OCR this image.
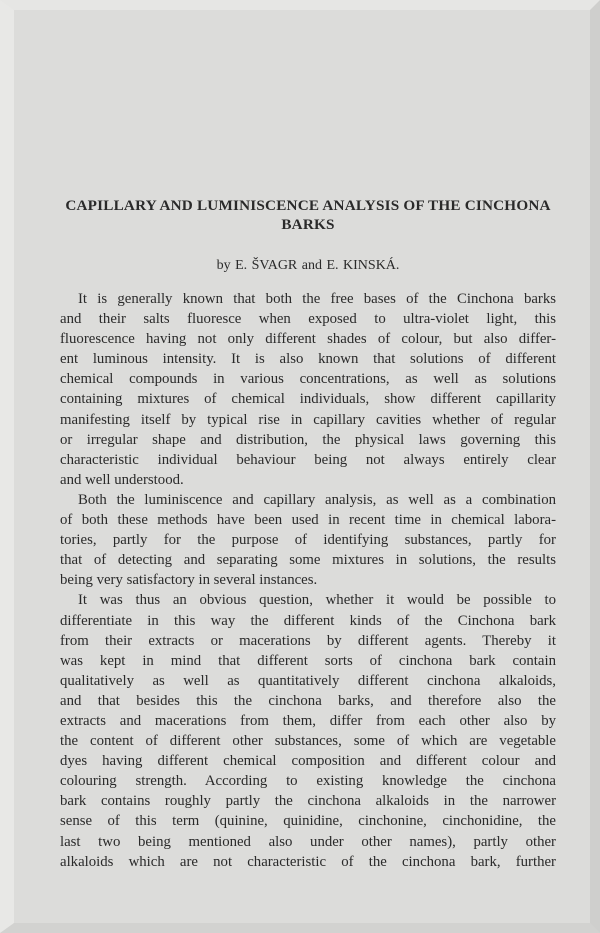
CAPILLARY AND LUMINISCENCE ANALYSIS OF THE CINCHONA BARKS

by E. ŠVAGR and E. KINSKÁ.

It is generally known that both the free bases of the Cinchona barks
and their salts fluoresce when exposed to ultra-violet light, this
fluorescence having not only different shades of colour, but also differ-
ent luminous intensity. It is also known that solutions of different
chemical compounds in various concentrations, as well as solutions
containing mixtures of chemical individuals, show different capillarity
manifesting itself by typical rise in capillary cavities whether of regular
or irregular shape and distribution, the physical laws governing this
characteristic individual behaviour being not always entirely clear
and well understood.

Both the luminiscence and capillary analysis, as well as a combination
of both these methods have been used in recent time in chemical labora-
tories, partly for the purpose of identifying substances, partly for
that of detecting and separating some mixtures in solutions, the results
being very satisfactory in several instances.

It was thus an obvious question, whether it would be possible to
differentiate in this way the different kinds of the Cinchona bark
from their extracts or macerations by different agents. Thereby it
was kept in mind that different sorts of cinchona bark contain
qualitatively as well as quantitatively different cinchona alkaloids,
and that besides this the cinchona barks, and therefore also the
extracts and macerations from them, differ from each other also by
the content of different other substances, some of which are vegetable
dyes having different chemical composition and different colour and
colouring strength. According to existing knowledge the cinchona
bark contains roughly partly the cinchona alkaloids in the narrower
sense of this term (quinine, quinidine, cinchonine, cinchonidine, the
last two being mentioned also under other names), partly other
alkaloids which are not characteristic of the cinchona bark, further
